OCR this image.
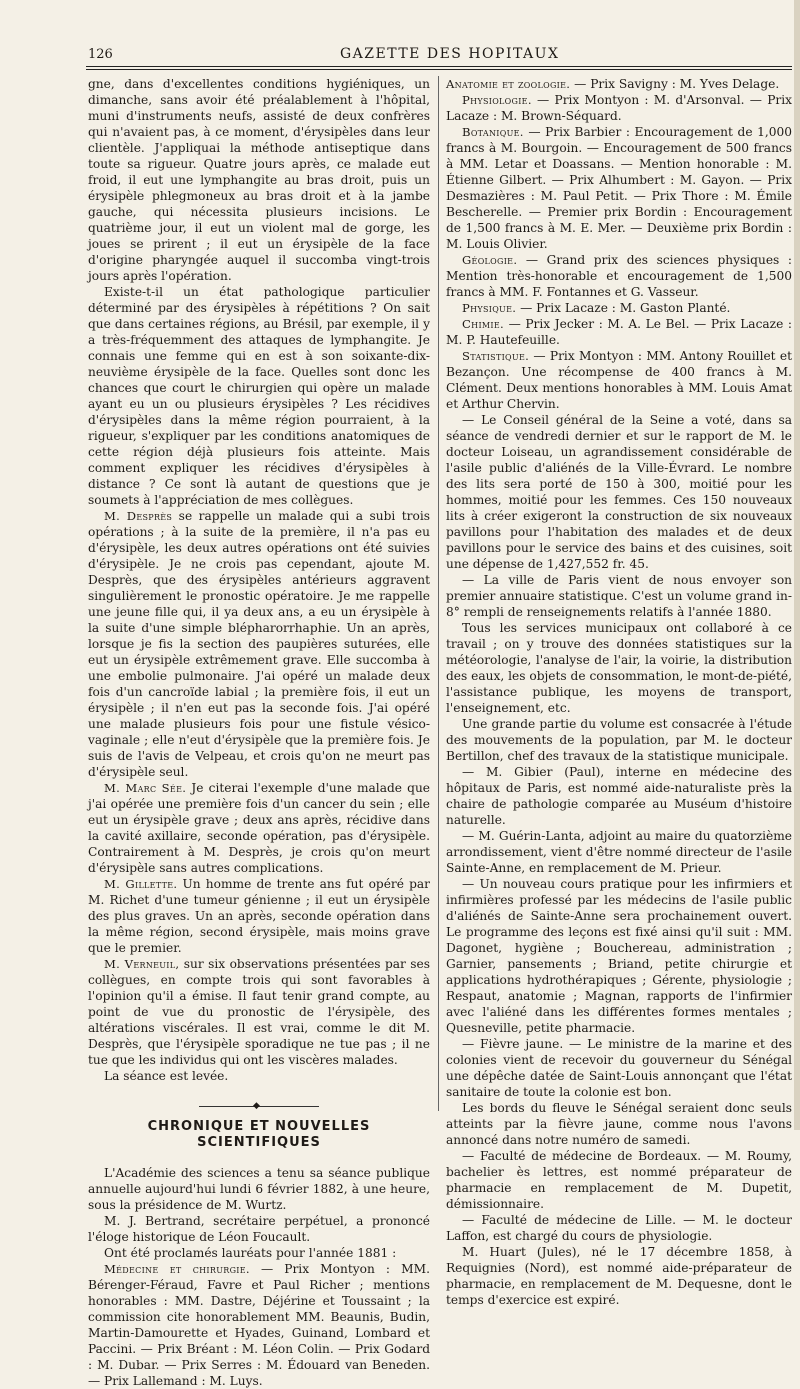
126	GAZETTE DES HOPITAUX

gne, dans d'excellentes conditions hygiéniques, un dimanche, sans avoir été préalablement à l'hôpital, muni d'instruments neufs, assisté de deux confrères qui n'avaient pas, à ce moment, d'érysipèles dans leur clientèle. J'appliquai la méthode antiseptique dans toute sa rigueur. Quatre jours après, ce malade eut froid, il eut une lymphangite au bras droit, puis un érysipèle phlegmoneux au bras droit et à la jambe gauche, qui nécessita plusieurs incisions. Le quatrième jour, il eut un violent mal de gorge, les joues se prirent ; il eut un érysipèle de la face d'origine pharyngée auquel il succomba vingt-trois jours après l'opération.

Existe-t-il un état pathologique particulier déterminé par des érysipèles à répétitions ? On sait que dans certaines régions, au Brésil, par exemple, il y a très-fréquemment des attaques de lymphangite. Je connais une femme qui en est à son soixante-dix-neuvième érysipèle de la face. Quelles sont donc les chances que court le chirurgien qui opère un malade ayant eu un ou plusieurs érysipèles ? Les récidives d'érysipèles dans la même région pourraient, à la rigueur, s'expliquer par les conditions anatomiques de cette région déjà plusieurs fois atteinte. Mais comment expliquer les récidives d'érysipèles à distance ? Ce sont là autant de questions que je soumets à l'appréciation de mes collègues.

M. Desprès se rappelle un malade qui a subi trois opérations ; à la suite de la première, il n'a pas eu d'érysipèle, les deux autres opérations ont été suivies d'érysipèle. Je ne crois pas cependant, ajoute M. Desprès, que des érysipèles antérieurs aggravent singulièrement le pronostic opératoire. Je me rappelle une jeune fille qui, il ya deux ans, a eu un érysipèle à la suite d'une simple blépharorrhaphie. Un an après, lorsque je fis la section des paupières suturées, elle eut un érysipèle extrêmement grave. Elle succomba à une embolie pulmonaire. J'ai opéré un malade deux fois d'un cancroïde labial ; la première fois, il eut un érysipèle ; il n'en eut pas la seconde fois. J'ai opéré une malade plusieurs fois pour une fistule vésico-vaginale ; elle n'eut d'érysipèle que la première fois. Je suis de l'avis de Velpeau, et crois qu'on ne meurt pas d'érysipèle seul.

M. Marc Sée. Je citerai l'exemple d'une malade que j'ai opérée une première fois d'un cancer du sein ; elle eut un érysipèle grave ; deux ans après, récidive dans la cavité axillaire, seconde opération, pas d'érysipèle. Contrairement à M. Desprès, je crois qu'on meurt d'érysipèle sans autres complications.

M. Gillette. Un homme de trente ans fut opéré par M. Richet d'une tumeur génienne ; il eut un érysipèle des plus graves. Un an après, seconde opération dans la même région, second érysipèle, mais moins grave que le premier.

M. Verneuil, sur six observations présentées par ses collègues, en compte trois qui sont favorables à l'opinion qu'il a émise. Il faut tenir grand compte, au point de vue du pronostic de l'érysipèle, des altérations viscérales. Il est vrai, comme le dit M. Desprès, que l'érysipèle sporadique ne tue pas ; il ne tue que les individus qui ont les viscères malades.

La séance est levée.

◆
CHRONIQUE ET NOUVELLES SCIENTIFIQUES

L'Académie des sciences a tenu sa séance publique annuelle aujourd'hui lundi 6 février 1882, à une heure, sous la présidence de M. Wurtz.

M. J. Bertrand, secrétaire perpétuel, a prononcé l'éloge historique de Léon Foucault.

Ont été proclamés lauréats pour l'année 1881 :

Médecine et chirurgie. — Prix Montyon : MM. Bérenger-Féraud, Favre et Paul Richer ; mentions honorables : MM. Dastre, Déjérine et Toussaint ; la commission cite honorablement MM. Beaunis, Budin, Martin-Damourette et Hyades, Guinand, Lombard et Paccini. — Prix Bréant : M. Léon Colin. — Prix Godard : M. Dubar. — Prix Serres : M. Édouard van Beneden. — Prix Lallemand : M. Luys.

Anatomie et zoologie. — Prix Savigny : M. Yves Delage.

Physiologie. — Prix Montyon : M. d'Arsonval. — Prix Lacaze : M. Brown-Séquard.

Botanique. — Prix Barbier : Encouragement de 1,000 francs à M. Bourgoin. — Encouragement de 500 francs à MM. Letar et Doassans. — Mention honorable : M. Étienne Gilbert. — Prix Alhumbert : M. Gayon. — Prix Desmazières : M. Paul Petit. — Prix Thore : M. Émile Bescherelle. — Premier prix Bordin : Encouragement de 1,500 francs à M. E. Mer. — Deuxième prix Bordin : M. Louis Olivier.

Géologie. — Grand prix des sciences physiques : Mention très-honorable et encouragement de 1,500 francs à MM. F. Fontannes et G. Vasseur.

Physique. — Prix Lacaze : M. Gaston Planté.

Chimie. — Prix Jecker : M. A. Le Bel. — Prix Lacaze : M. P. Hautefeuille.

Statistique. — Prix Montyon : MM. Antony Rouillet et Bezançon. Une récompense de 400 francs à M. Clément. Deux mentions honorables à MM. Louis Amat et Arthur Chervin.

— Le Conseil général de la Seine a voté, dans sa séance de vendredi dernier et sur le rapport de M. le docteur Loiseau, un agrandissement considérable de l'asile public d'aliénés de la Ville-Évrard. Le nombre des lits sera porté de 150 à 300, moitié pour les hommes, moitié pour les femmes. Ces 150 nouveaux lits à créer exigeront la construction de six nouveaux pavillons pour l'habitation des malades et de deux pavillons pour le service des bains et des cuisines, soit une dépense de 1,427,552 fr. 45.

— La ville de Paris vient de nous envoyer son premier annuaire statistique. C'est un volume grand in-8° rempli de renseignements relatifs à l'année 1880.

Tous les services municipaux ont collaboré à ce travail ; on y trouve des données statistiques sur la météorologie, l'analyse de l'air, la voirie, la distribution des eaux, les objets de consommation, le mont-de-piété, l'assistance publique, les moyens de transport, l'enseignement, etc.

Une grande partie du volume est consacrée à l'étude des mouvements de la population, par M. le docteur Bertillon, chef des travaux de la statistique municipale.

— M. Gibier (Paul), interne en médecine des hôpitaux de Paris, est nommé aide-naturaliste près la chaire de pathologie comparée au Muséum d'histoire naturelle.

— M. Guérin-Lanta, adjoint au maire du quatorzième arrondissement, vient d'être nommé directeur de l'asile Sainte-Anne, en remplacement de M. Prieur.

— Un nouveau cours pratique pour les infirmiers et infirmières professé par les médecins de l'asile public d'aliénés de Sainte-Anne sera prochainement ouvert. Le programme des leçons est fixé ainsi qu'il suit : MM. Dagonet, hygiène ; Bouchereau, administration ; Garnier, pansements ; Briand, petite chirurgie et applications hydrothérapiques ; Gérente, physiologie ; Respaut, anatomie ; Magnan, rapports de l'infirmier avec l'aliéné dans les différentes formes mentales ; Quesneville, petite pharmacie.

— Fièvre jaune. — Le ministre de la marine et des colonies vient de recevoir du gouverneur du Sénégal une dépêche datée de Saint-Louis annonçant que l'état sanitaire de toute la colonie est bon.

Les bords du fleuve le Sénégal seraient donc seuls atteints par la fièvre jaune, comme nous l'avons annoncé dans notre numéro de samedi.

— Faculté de médecine de Bordeaux. — M. Roumy, bachelier ès lettres, est nommé préparateur de pharmacie en remplacement de M. Dupetit, démissionnaire.

— Faculté de médecine de Lille. — M. le docteur Laffon, est chargé du cours de physiologie.

M. Huart (Jules), né le 17 décembre 1858, à Requignies (Nord), est nommé aide-préparateur de pharmacie, en remplacement de M. Dequesne, dont le temps d'exercice est expiré.
